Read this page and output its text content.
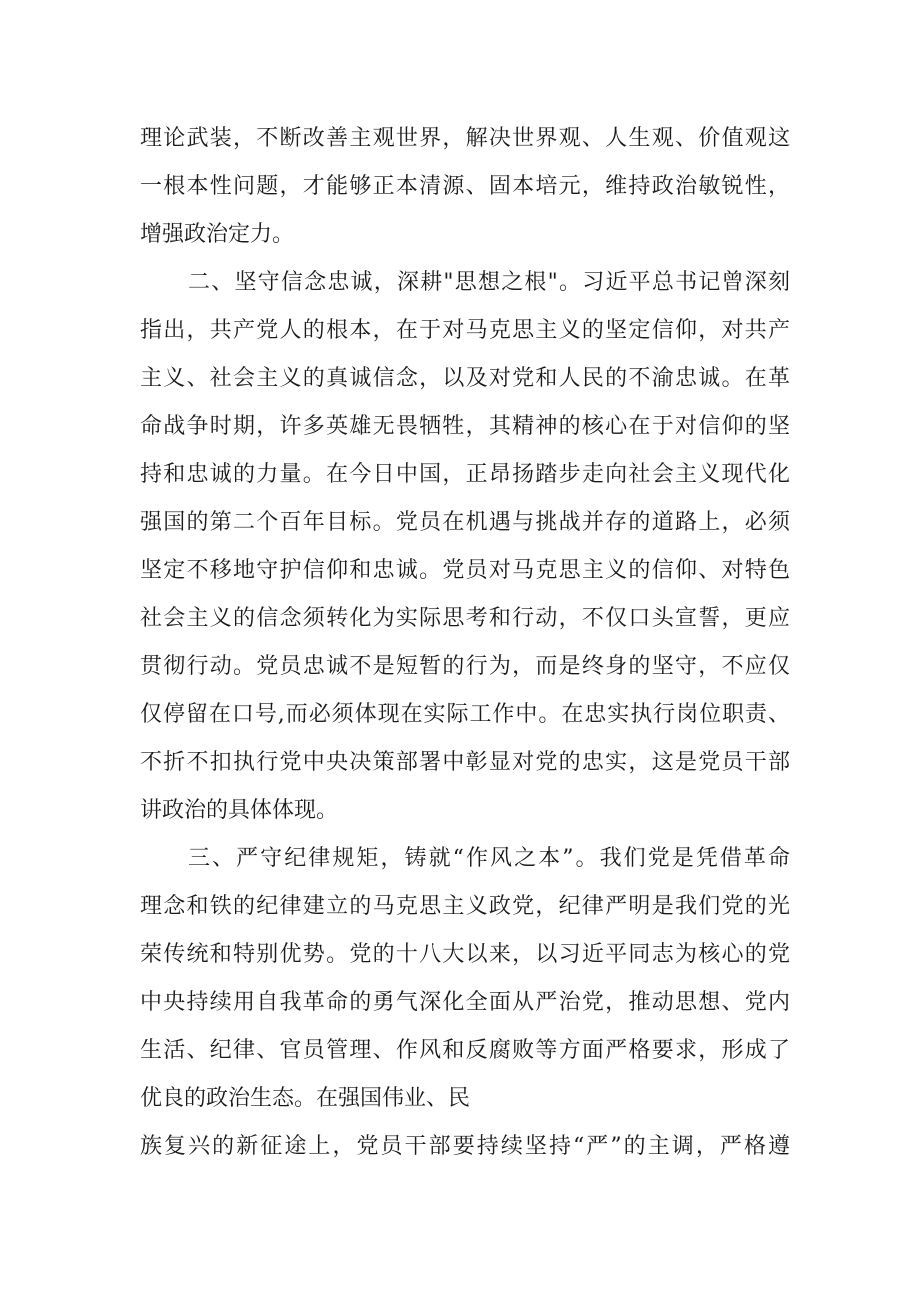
理论武装，不断改善主观世界，解决世界观、人生观、价值观这
一根本性问题，才能够正本清源、固本培元，维持政治敏锐性，
增强政治定力。
二、坚守信念忠诚，深耕"思想之根"。习近平总书记曾深刻
指出，共产党人的根本，在于对马克思主义的坚定信仰，对共产
主义、社会主义的真诚信念，以及对党和人民的不渝忠诚。在革
命战争时期，许多英雄无畏牺牲，其精神的核心在于对信仰的坚
持和忠诚的力量。在今日中国，正昂扬踏步走向社会主义现代化
强国的第二个百年目标。党员在机遇与挑战并存的道路上，必须
坚定不移地守护信仰和忠诚。党员对马克思主义的信仰、对特色
社会主义的信念须转化为实际思考和行动，不仅口头宣誓，更应
贯彻行动。党员忠诚不是短暂的行为，而是终身的坚守，不应仅
仅停留在口号,而必须体现在实际工作中。在忠实执行岗位职责、
不折不扣执行党中央决策部署中彰显对党的忠实，这是党员干部
讲政治的具体体现。
三、严守纪律规矩，铸就“作风之本”。我们党是凭借革命
理念和铁的纪律建立的马克思主义政党，纪律严明是我们党的光
荣传统和特别优势。党的十八大以来，以习近平同志为核心的党
中央持续用自我革命的勇气深化全面从严治党，推动思想、党内
生活、纪律、官员管理、作风和反腐败等方面严格要求，形成了
优良的政治生态。在强国伟业、民
族复兴的新征途上，党员干部要持续坚持“严”的主调，严格遵
